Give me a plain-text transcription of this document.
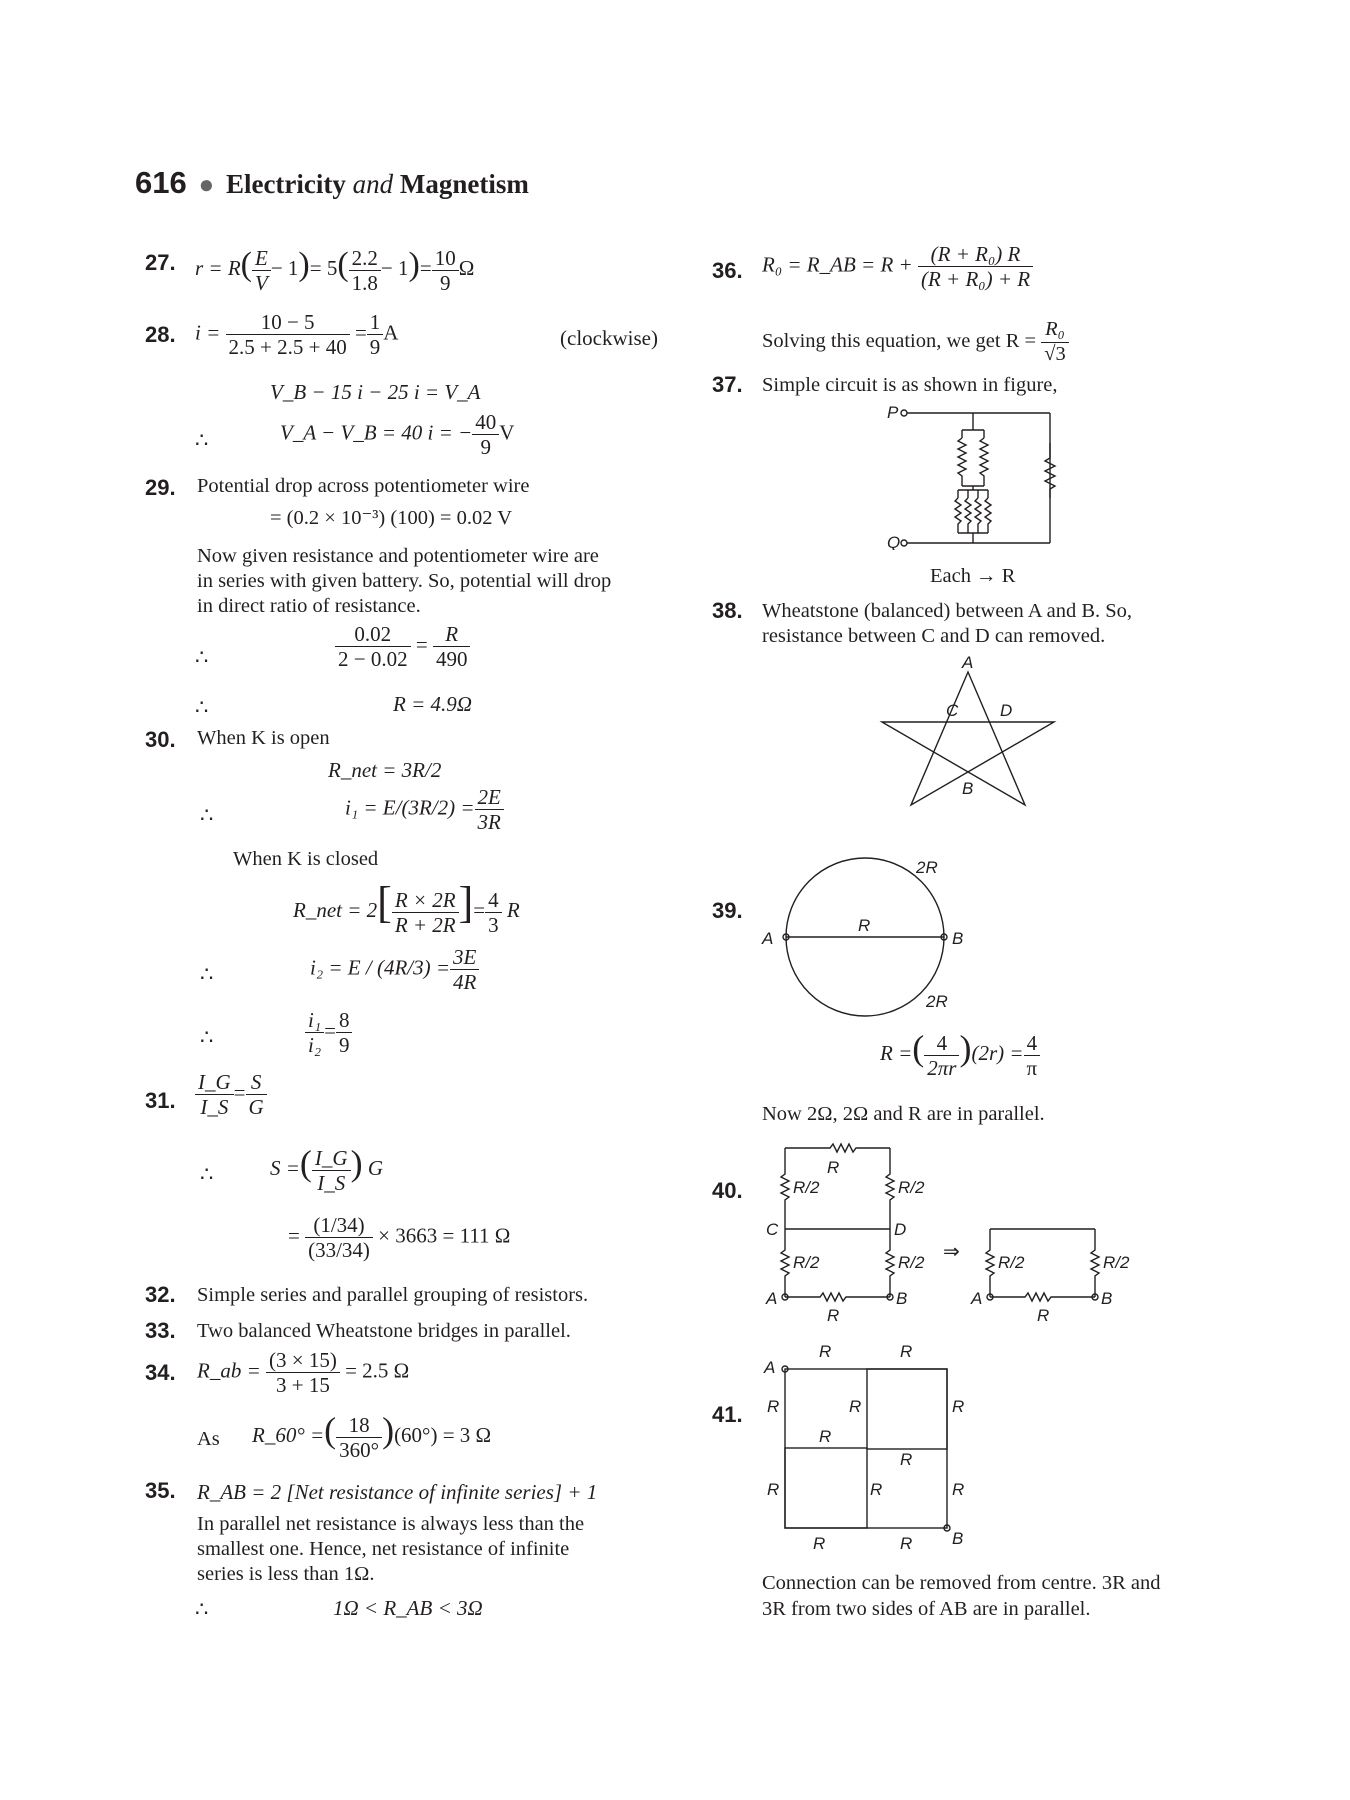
616  ●  Electricity and Magnetism
27. $r = R( \frac{E}{V} - 1)= 5( \frac{2.2}{1.8} - 1)= \frac{10}{9}$ Ω
28. $i = \frac{10 - 5}{2.5 + 2.5 + 40} = \frac{1}{9}$ A	(clockwise)
V_B − 15 i − 25 i = V_A
∴	V_A − V_B = 40 i = − $\frac{40}{9}$ V
29. Potential drop across potentiometer wire
= (0.2 × 10⁻³) (100) = 0.02 V
Now given resistance and potentiometer wire are
in series with given battery. So, potential will drop
in direct ratio of resistance.
∴	$\frac{0.02}{2 - 0.02} = \frac{R}{490}$
∴	R = 4.9Ω
30. When K is open
R_net = 3R/2
∴	$i_1 = E/(3R/2) = \frac{2E}{3R}$
When K is closed
R_net = $2[ \frac{R \times 2R}{R + 2R}$ ]= $\frac{4}{3}$ R
∴	$i_2 = E / (4R/3) = \frac{3E}{4R}$
∴	$\frac{\text{i₁}}{\text{i₂}} = \frac{8}{9}$
31. $\frac{I\_G}{I\_S} = \frac{S}{G}$
∴	S =( $\frac{I\_G}{I\_S}$ ) G
= $\frac{(1/34)}{(33/34)} \times 3663 = 111$ Ω
32. Simple series and parallel grouping of resistors.
33. Two balanced Wheatstone bridges in parallel.
34. R_ab = $\frac{(3 \times 15)}{3 + 15} = 2.5$ Ω
As R_60° =( $\frac{18}{360^\circ} )(60^\circ) = 3$ Ω
35. R_AB = 2 [Net resistance of infinite series] + 1
In parallel net resistance is always less than the
smallest one. Hence, net resistance of infinite
series is less than 1Ω.
∴	1Ω < R_AB < 3Ω
36. R₀ = R_AB = $R + \frac{\text{(R + R₀) R}}{\text{(R + R₀) + R}}$
Solving this equation, we get $R = \frac{\text{R₀}}{√3}$
37. Simple circuit is as shown in figure,
P
Q
Each → R
38. Wheatstone (balanced) between A and B. So,
resistance between C and D can removed.
A
C D
B
39.
A	B
R
2R
2R
R =( $\frac{4}{2\pi r} )(2r) = \frac{4}{\pi}$
Now 2Ω, 2Ω and R are in parallel.
40.
R
R/2	R/2
C	D
R/2	R/2
A	B
R
⇒ R/2	R/2
A	B
R
41.
A
B
R	R
R	R	R
R
R
R	R	R
R	R
Connection can be removed from centre. 3R and
3R from two sides of AB are in parallel.
